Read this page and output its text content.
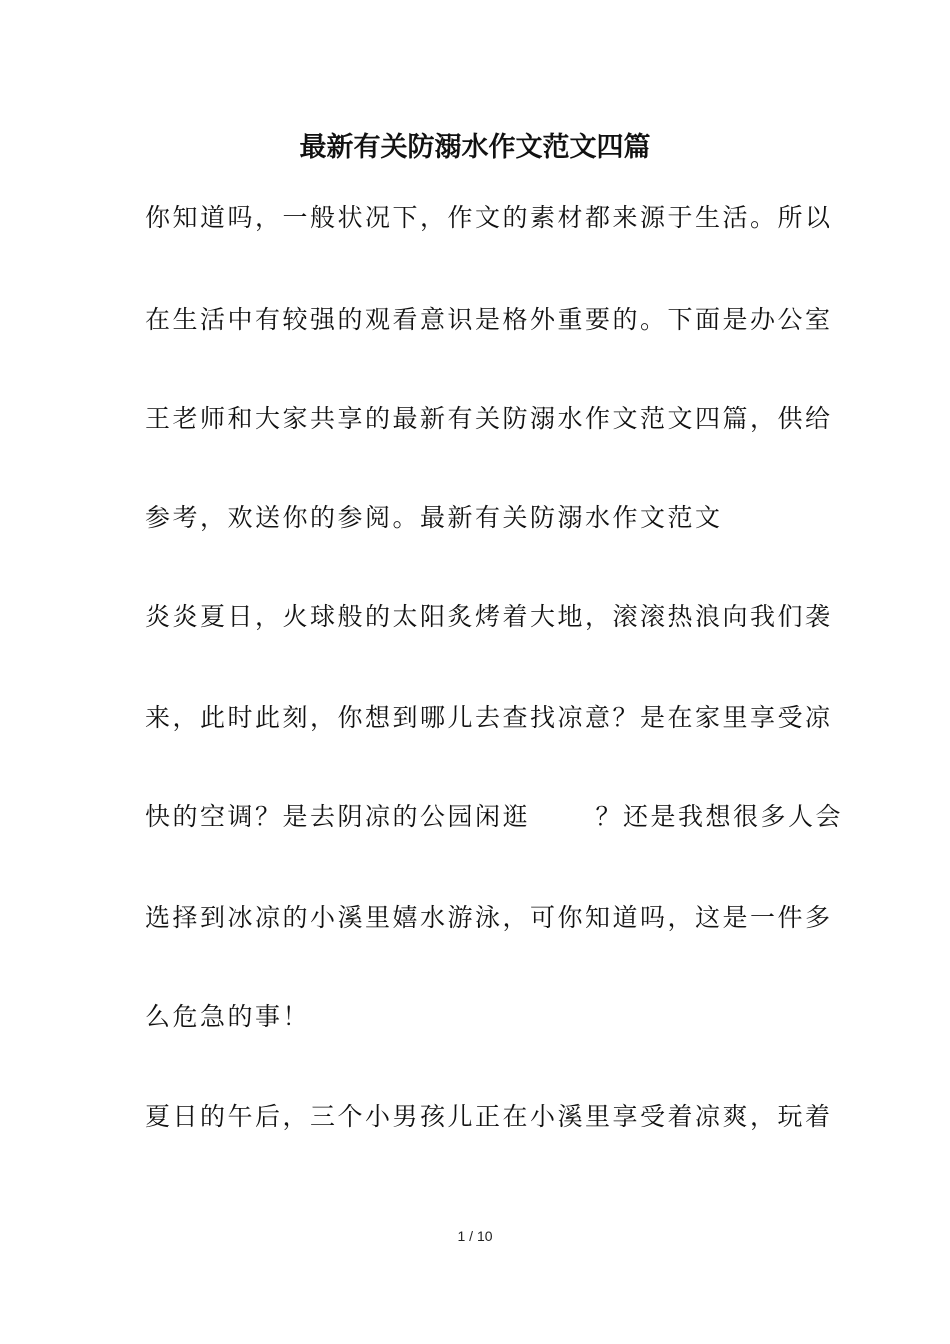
最新有关防溺水作文范文四篇

你知道吗，一般状况下，作文的素材都来源于生活。所以

在生活中有较强的观看意识是格外重要的。下面是办公室

王老师和大家共享的最新有关防溺水作文范文四篇，供给

参考，欢送你的参阅。最新有关防溺水作文范文

炎炎夏日，火球般的太阳炙烤着大地，滚滚热浪向我们袭

来，此时此刻，你想到哪儿去查找凉意？是在家里享受凉

快的空调？是去阴凉的公园闲逛　　 ？还是我想很多人会

选择到冰凉的小溪里嬉水游泳，可你知道吗，这是一件多

么危急的事！

夏日的午后，三个小男孩儿正在小溪里享受着凉爽，玩着

1 / 10
